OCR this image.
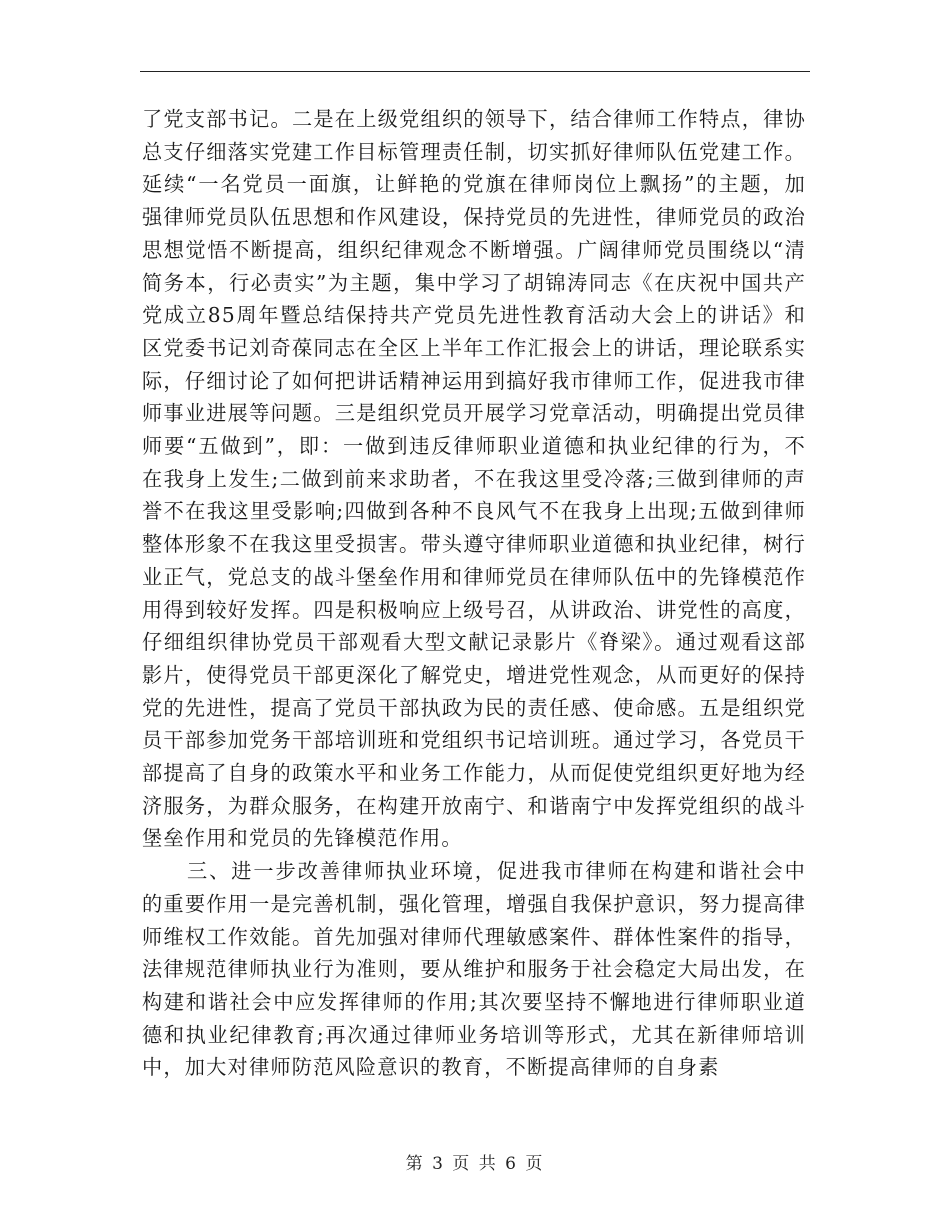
了党支部书记。二是在上级党组织的领导下，结合律师工作特点，律协总支仔细落实党建工作目标管理责任制，切实抓好律师队伍党建工作。延续“一名党员一面旗，让鲜艳的党旗在律师岗位上飘扬”的主题，加强律师党员队伍思想和作风建设，保持党员的先进性，律师党员的政治思想觉悟不断提高，组织纪律观念不断增强。广阔律师党员围绕以“清简务本，行必责实”为主题，集中学习了胡锦涛同志《在庆祝中国共产党成立85周年暨总结保持共产党员先进性教育活动大会上的讲话》和区党委书记刘奇葆同志在全区上半年工作汇报会上的讲话，理论联系实际，仔细讨论了如何把讲话精神运用到搞好我市律师工作，促进我市律师事业进展等问题。三是组织党员开展学习党章活动，明确提出党员律师要“五做到”，即：一做到违反律师职业道德和执业纪律的行为，不在我身上发生;二做到前来求助者，不在我这里受冷落;三做到律师的声誉不在我这里受影响;四做到各种不良风气不在我身上出现;五做到律师整体形象不在我这里受损害。带头遵守律师职业道德和执业纪律，树行业正气，党总支的战斗堡垒作用和律师党员在律师队伍中的先锋模范作用得到较好发挥。四是积极响应上级号召，从讲政治、讲党性的高度，仔细组织律协党员干部观看大型文献记录影片《脊梁》。通过观看这部影片，使得党员干部更深化了解党史，增进党性观念，从而更好的保持党的先进性，提高了党员干部执政为民的责任感、使命感。五是组织党员干部参加党务干部培训班和党组织书记培训班。通过学习，各党员干部提高了自身的政策水平和业务工作能力，从而促使党组织更好地为经济服务，为群众服务，在构建开放南宁、和谐南宁中发挥党组织的战斗堡垒作用和党员的先锋模范作用。

三、进一步改善律师执业环境，促进我市律师在构建和谐社会中的重要作用一是完善机制，强化管理，增强自我保护意识，努力提高律师维权工作效能。首先加强对律师代理敏感案件、群体性案件的指导，法律规范律师执业行为准则，要从维护和服务于社会稳定大局出发，在构建和谐社会中应发挥律师的作用;其次要坚持不懈地进行律师职业道德和执业纪律教育;再次通过律师业务培训等形式，尤其在新律师培训中，加大对律师防范风险意识的教育，不断提高律师的自身素

第 3 页 共 6 页
